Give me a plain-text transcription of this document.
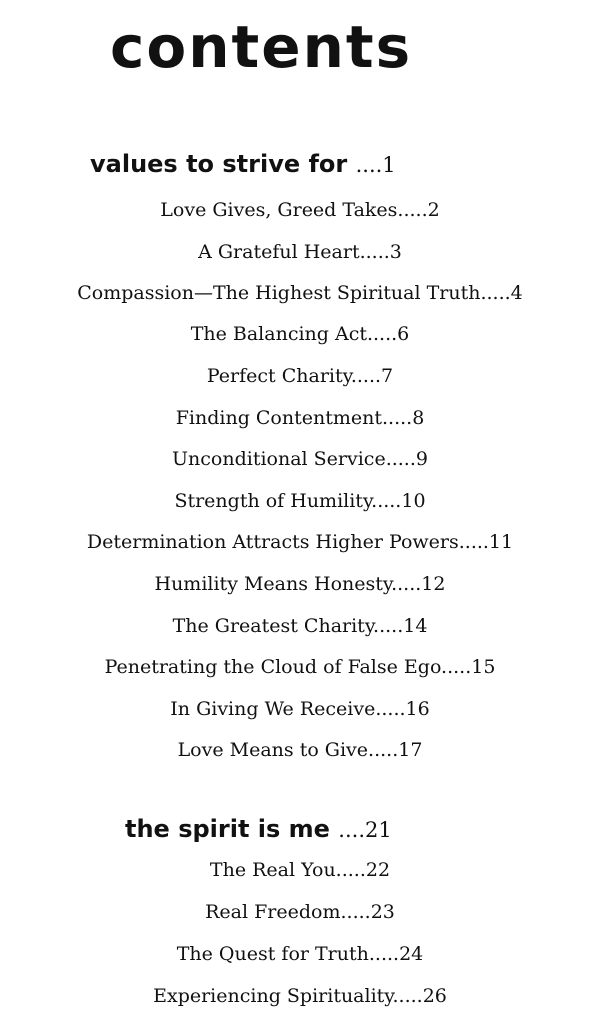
contents
values to strive for ....1
Love Gives, Greed Takes.....2
A Grateful Heart.....3
Compassion—The Highest Spiritual Truth.....4
The Balancing Act.....6
Perfect Charity.....7
Finding Contentment.....8
Unconditional Service.....9
Strength of Humility.....10
Determination Attracts Higher Powers.....11
Humility Means Honesty.....12
The Greatest Charity.....14
Penetrating the Cloud of False Ego.....15
In Giving We Receive.....16
Love Means to Give.....17
the spirit is me ....21
The Real You.....22
Real Freedom.....23
The Quest for Truth.....24
Experiencing Spirituality.....26
